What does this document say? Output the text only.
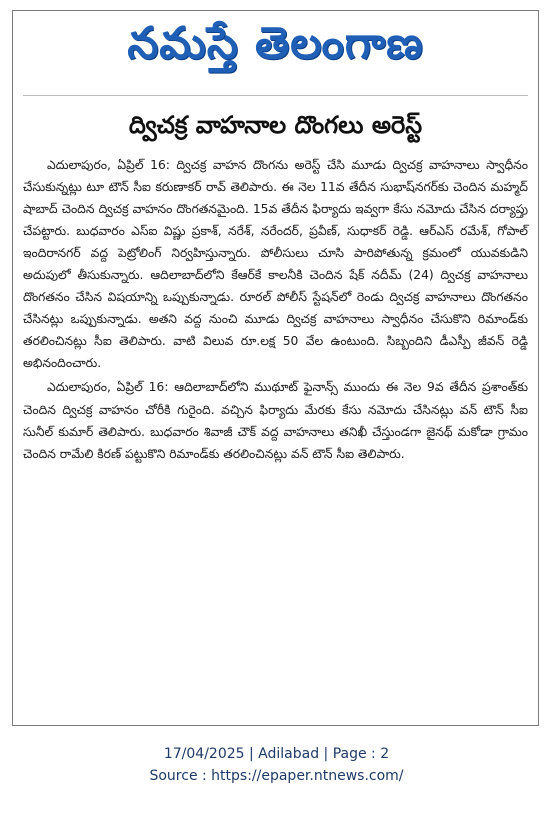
నమస్తే తెలంగాణ
ద్విచక్ర వాహనాల దొంగలు అరెస్ట్

ఎదులాపురం, ఏప్రిల్ 16: ద్విచక్ర వాహన దొంగను అరెస్ట్ చేసి మూడు ద్విచక్ర వాహనాలు స్వాధీనం చేసుకున్నట్లు టూ టౌన్ సీఐ కరుణాకర్ రావ్ తెలిపారు. ఈ నెల 11వ తేదీన సుభాష్‌నగర్‌కు చెందిన మహ్మద్ షాబాద్ చెందిన ద్విచక్ర వాహనం దొంగతనమైంది. 15వ తేదీన ఫిర్యాదు ఇవ్వగా కేసు నమోదు చేసిన దర్యాప్తు చేపట్టారు. బుధవారం ఎస్ఐ విష్ణు ప్రకాశ్, నరేశ్, నరేందర్, ప్రవీణ్, సుధాకర్ రెడ్డి. ఆర్ఎస్ రమేశ్, గోపాల్ ఇందిరానగర్ వద్ద పెట్రోలింగ్ నిర్వహిస్తున్నారు. పోలీసులు చూసి పారిపోతున్న క్రమంలో యువకుడిని అదుపులో తీసుకున్నారు. ఆదిలాబాద్‌లోని కేఆర్‌కే కాలనీకి చెందిన షేక్ నదీమ్ (24) ద్విచక్ర వాహనాలు దొంగతనం చేసిన విషయాన్ని ఒప్పుకున్నాడు. రూరల్ పోలీస్ స్టేషన్‌లో రెండు ద్విచక్ర వాహనాలు దొంగతనం చేసినట్లు ఒప్పుకున్నాడు. అతని వద్ద నుంచి మూడు ద్విచక్ర వాహనాలు స్వాధీనం చేసుకొని రిమాండ్‌కు తరలించినట్లు సీఐ తెలిపారు. వాటి విలువ రూ.లక్ష 50 వేల ఉంటుంది. సిబ్బందిని డీఎస్పీ జీవన్ రెడ్డి అభినందించారు.

ఎదులాపురం, ఏప్రిల్ 16: ఆదిలాబాద్‌లోని ముథూట్ ఫైనాన్స్ ముందు ఈ నెల 9వ తేదీన ప్రశాంత్‌కు చెందిన ద్విచక్ర వాహనం చోరీకి గురైంది. వచ్చిన ఫిర్యాదు మేరకు కేసు నమోదు చేసినట్లు వన్ టౌన్ సీఐ సునీల్ కుమార్ తెలిపారు. బుధవారం శివాజీ చౌక్ వద్ద వాహనాలు తనిఖీ చేస్తుండగా జైనథ్ మకోడా గ్రామం చెందిన రామేలి కిరణ్ పట్టుకొని రిమాండ్‌కు తరలించినట్లు వన్ టౌన్ సీఐ తెలిపారు.

17/04/2025 | Adilabad | Page : 2
Source : https://epaper.ntnews.com/
